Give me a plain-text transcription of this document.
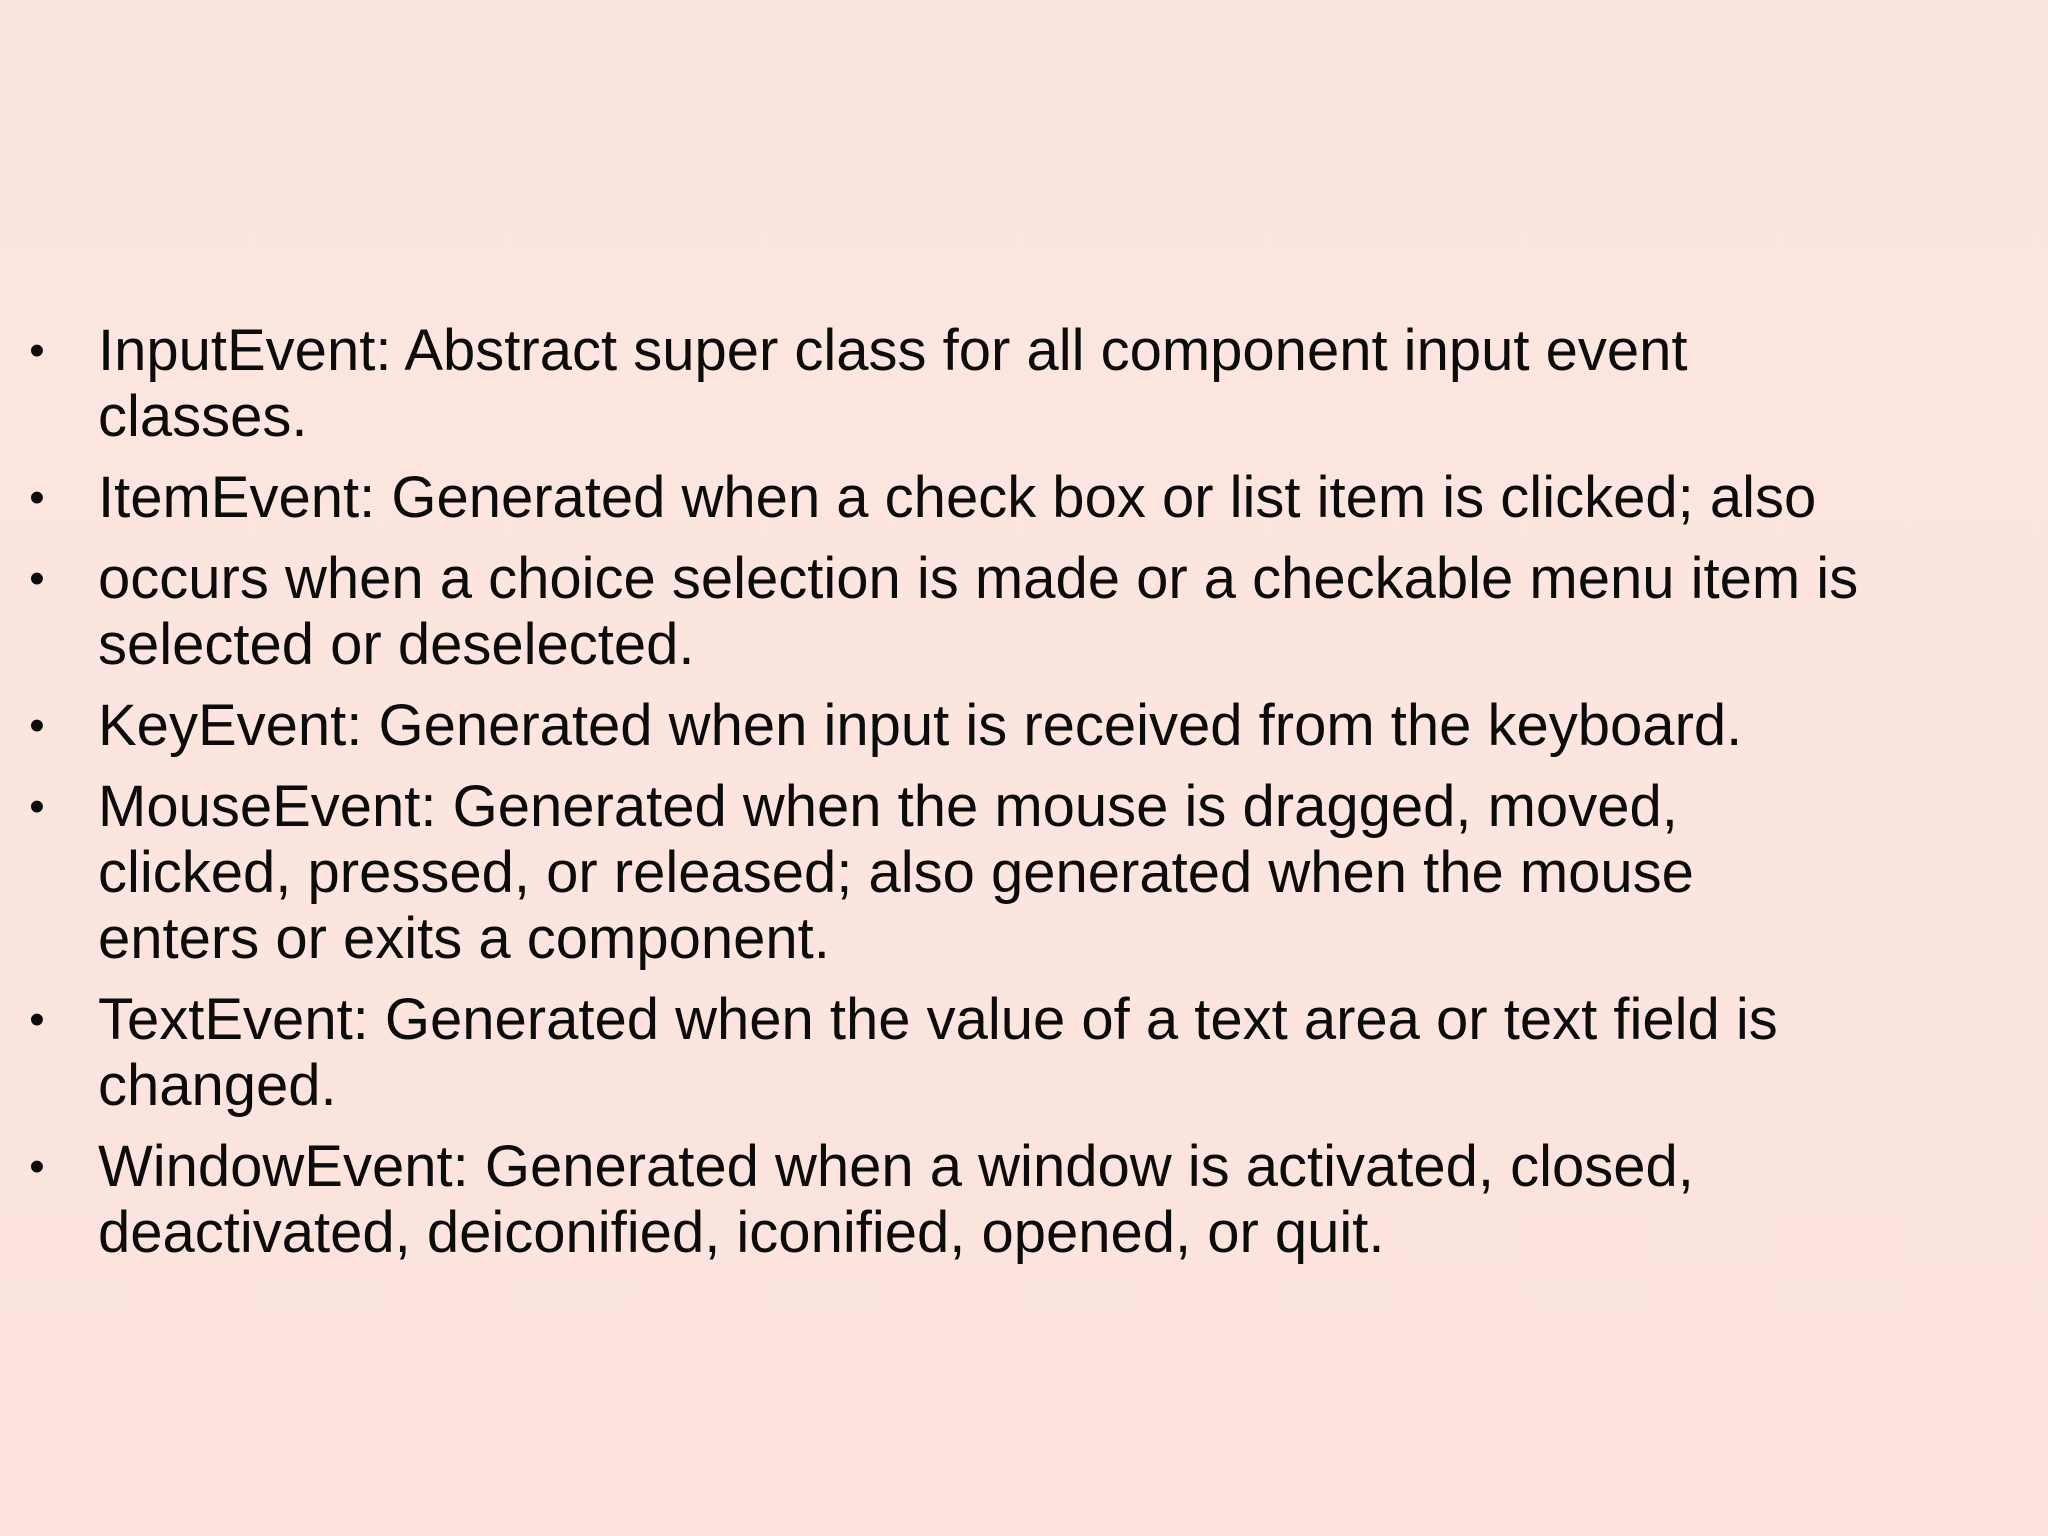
• InputEvent: Abstract super class for all component input event classes.
• ItemEvent: Generated when a check box or list item is clicked; also
• occurs when a choice selection is made or a checkable menu item is selected or deselected.
• KeyEvent: Generated when input is received from the keyboard.
• MouseEvent: Generated when the mouse is dragged, moved, clicked, pressed, or released; also generated when the mouse enters or exits a component.
• TextEvent: Generated when the value of a text area or text field is changed.
• WindowEvent: Generated when a window is activated, closed, deactivated, deiconified, iconified, opened, or quit.
